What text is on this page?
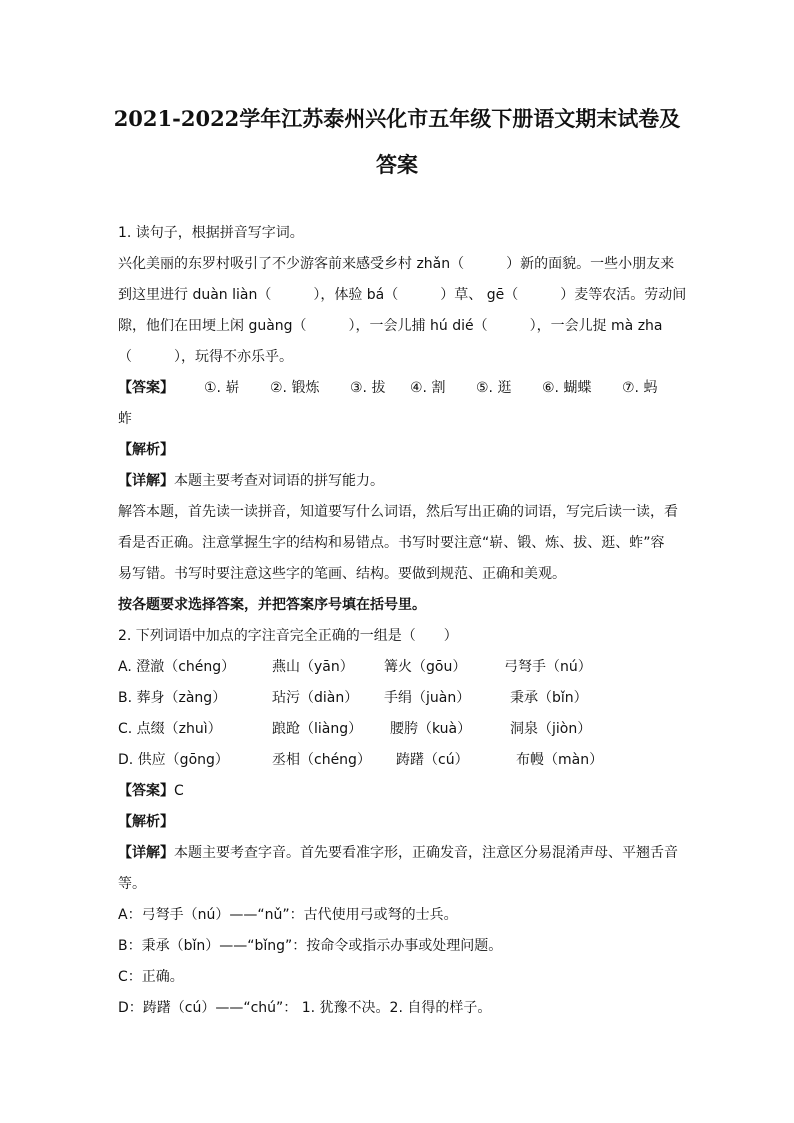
2021-2022学年江苏泰州兴化市五年级下册语文期末试卷及
答案
1. 读句子，根据拼音写字词。
兴化美丽的东罗村吸引了不少游客前来感受乡村 zhǎn（　　　）新的面貌。一些小朋友来
到这里进行 duàn liàn（　　　），体验 bá（　　　）草、 gē（　　　）麦等农活。劳动间
隙，他们在田埂上闲 guàng（　　　），一会儿捕 hú dié（　　　），一会儿捉 mà zha
（　　　），玩得不亦乐乎。
【答案】	①. 崭	②. 锻炼	③. 拔	④. 割	⑤. 逛	⑥. 蝴蝶	⑦. 蚂
蚱
【解析】
【详解】本题主要考查对词语的拼写能力。
解答本题，首先读一读拼音，知道要写什么词语，然后写出正确的词语，写完后读一读，看
看是否正确。注意掌握生字的结构和易错点。书写时要注意“崭、锻、炼、拔、逛、蚱”容
易写错。书写时要注意这些字的笔画、结构。要做到规范、正确和美观。
按各题要求选择答案，并把答案序号填在括号里。
2. 下列词语中加点的字注音完全正确的一组是（　　）
A. 澄澈（chéng）	燕山（yān）	篝火（gōu）	弓弩手（nú）
B. 葬身（zàng）	玷污（diàn）	手绢（juàn）	秉承（bǐn）
C. 点缀（zhuì）	踉跄（liàng）	腰胯（kuà）	洞泉（jiòn）
D. 供应（gōng）	丞相（chéng）	踌躇（cú）	布幔（màn）
【答案】C
【解析】
【详解】本题主要考查字音。首先要看准字形，正确发音，注意区分易混淆声母、平翘舌音
等。
A：弓弩手（nú）——“nǔ”：古代使用弓或弩的士兵。
B：秉承（bǐn）——“bǐng”：按命令或指示办事或处理问题。
C：正确。
D：踌躇（cú）——“chú”： 1. 犹豫不决。2. 自得的样子。
